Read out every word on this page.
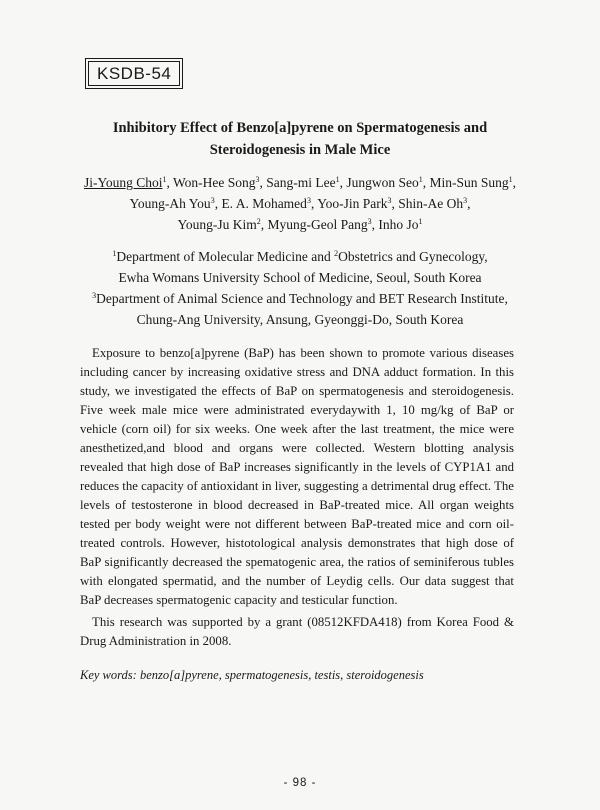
KSDB-54
Inhibitory Effect of Benzo[a]pyrene on Spermatogenesis and
Steroidogenesis in Male Mice
Ji-Young Choi$^1$, Won-Hee Song$^3$, Sang-mi Lee$^1$, Jungwon Seo$^1$, Min-Sun Sung$^1$,
Young-Ah You$^3$, E. A. Mohamed$^3$, Yoo-Jin Park$^3$, Shin-Ae Oh$^3$,
Young-Ju Kim$^2$, Myung-Geol Pang$^3$, Inho Jo$^1$
$^1$Department of Molecular Medicine and $^2$Obstetrics and Gynecology,
Ewha Womans University School of Medicine, Seoul, South Korea
$^3$Department of Animal Science and Technology and BET Research Institute,
Chung-Ang University, Ansung, Gyeonggi-Do, South Korea

Exposure to benzo[a]pyrene (BaP) has been shown to promote various diseases including cancer by increasing oxidative stress and DNA adduct formation. In this study, we investigated the effects of BaP on spermatogenesis and steroidogenesis. Five week male mice were administrated everydaywith 1, 10 mg/kg of BaP or vehicle (corn oil) for six weeks. One week after the last treatment, the mice were anesthetized,and blood and organs were collected. Western blotting analysis revealed that high dose of BaP increases significantly in the levels of CYP1A1 and reduces the capacity of antioxidant in liver, suggesting a detrimental drug effect. The levels of testosterone in blood decreased in BaP-treated mice. All organ weights tested per body weight were not different between BaP-treated mice and corn oil-treated controls. However, histotological analysis demonstrates that high dose of BaP significantly decreased the spematogenic area, the ratios of seminiferous tubles with elongated spermatid, and the number of Leydig cells. Our data suggest that BaP decreases spermatogenic capacity and testicular function.

This research was supported by a grant (08512KFDA418) from Korea Food & Drug Administration in 2008.

Key words: benzo[a]pyrene, spermatogenesis, testis, steroidogenesis

- 98 -
